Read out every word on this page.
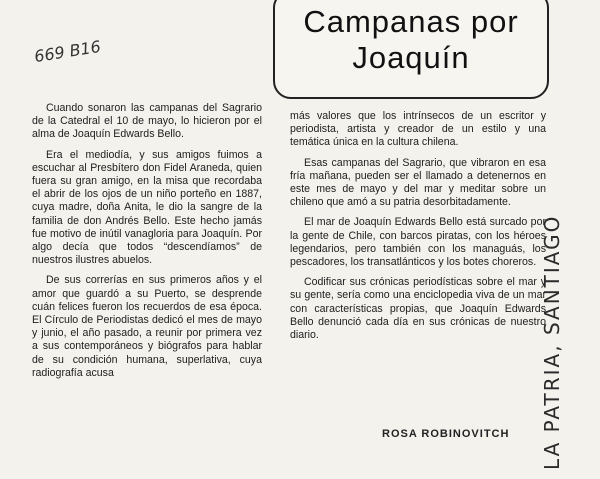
Campanas por
Joaquín
669 B16

Cuando sonaron las campanas del Sagrario de la Catedral el 10 de mayo, lo hicieron por el alma de Joaquín Edwards Bello.

Era el mediodía, y sus amigos fuimos a escuchar al Presbítero don Fidel Araneda, quien fuera su gran amigo, en la misa que recordaba el abrir de los ojos de un niño porteño en 1887, cuya madre, doña Anita, le dio la sangre de la familia de don Andrés Bello. Este hecho jamás fue motivo de inútil vanagloria para Joaquín. Por algo decía que todos “descendíamos” de nuestros ilustres abuelos.

De sus correrías en sus primeros años y el amor que guardó a su Puerto, se desprende cuán felices fueron los recuerdos de esa época. El Círculo de Periodistas dedicó el mes de mayo y junio, el año pasado, a reunir por primera vez a sus contemporáneos y biógrafos para hablar de su condición humana, superlativa, cuya radiografía acusa

más valores que los intrínsecos de un escritor y periodista, artista y creador de un estilo y una temática única en la cultura chilena.

Esas campanas del Sagrario, que vibraron en esa fría mañana, pueden ser el llamado a detenernos en este mes de mayo y del mar y meditar sobre un chileno que amó a su patria desorbitadamente.

El mar de Joaquín Edwards Bello está surcado por la gente de Chile, con barcos piratas, con los héroes legendarios, pero también con los managuás, los pescadores, los transatlánticos y los botes choreros.

Codificar sus crónicas periodísticas sobre el mar y su gente, sería como una enciclopedia viva de un mar con características propias, que Joaquín Edwards Bello denunció cada día en sus crónicas de nuestro diario.

ROSA ROBINOVITCH LA PATRIA, SANTIAGO
